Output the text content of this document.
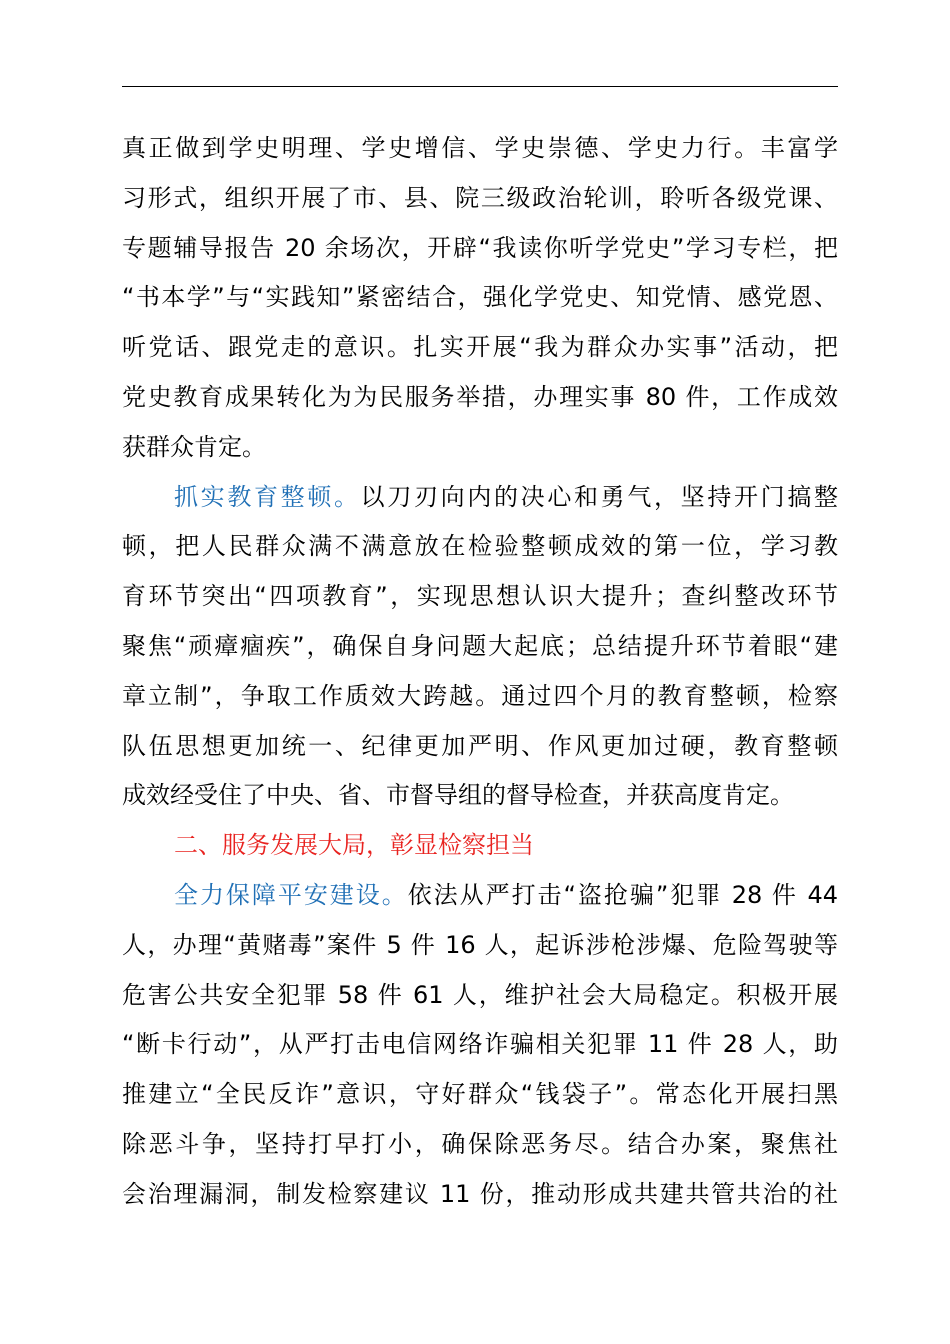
真正做到学史明理、学史增信、学史崇德、学史力行。丰富学
习形式，组织开展了市、县、院三级政治轮训，聆听各级党课、
专题辅导报告 20 余场次，开辟“我读你听学党史”学习专栏，把
“书本学”与“实践知”紧密结合，强化学党史、知党情、感党恩、
听党话、跟党走的意识。扎实开展“我为群众办实事”活动，把
党史教育成果转化为为民服务举措，办理实事 80 件，工作成效
获群众肯定。
抓实教育整顿。以刀刃向内的决心和勇气，坚持开门搞整
顿，把人民群众满不满意放在检验整顿成效的第一位，学习教
育环节突出“四项教育”，实现思想认识大提升；查纠整改环节
聚焦“顽瘴痼疾”，确保自身问题大起底；总结提升环节着眼“建
章立制”，争取工作质效大跨越。通过四个月的教育整顿，检察
队伍思想更加统一、纪律更加严明、作风更加过硬，教育整顿
成效经受住了中央、省、市督导组的督导检查，并获高度肯定。
二、服务发展大局，彰显检察担当
全力保障平安建设。依法从严打击“盗抢骗”犯罪 28 件 44
人，办理“黄赌毒”案件 5 件 16 人，起诉涉枪涉爆、危险驾驶等
危害公共安全犯罪 58 件 61 人，维护社会大局稳定。积极开展
“断卡行动”，从严打击电信网络诈骗相关犯罪 11 件 28 人，助
推建立“全民反诈”意识，守好群众“钱袋子”。常态化开展扫黑
除恶斗争，坚持打早打小，确保除恶务尽。结合办案，聚焦社
会治理漏洞，制发检察建议 11 份，推动形成共建共管共治的社
